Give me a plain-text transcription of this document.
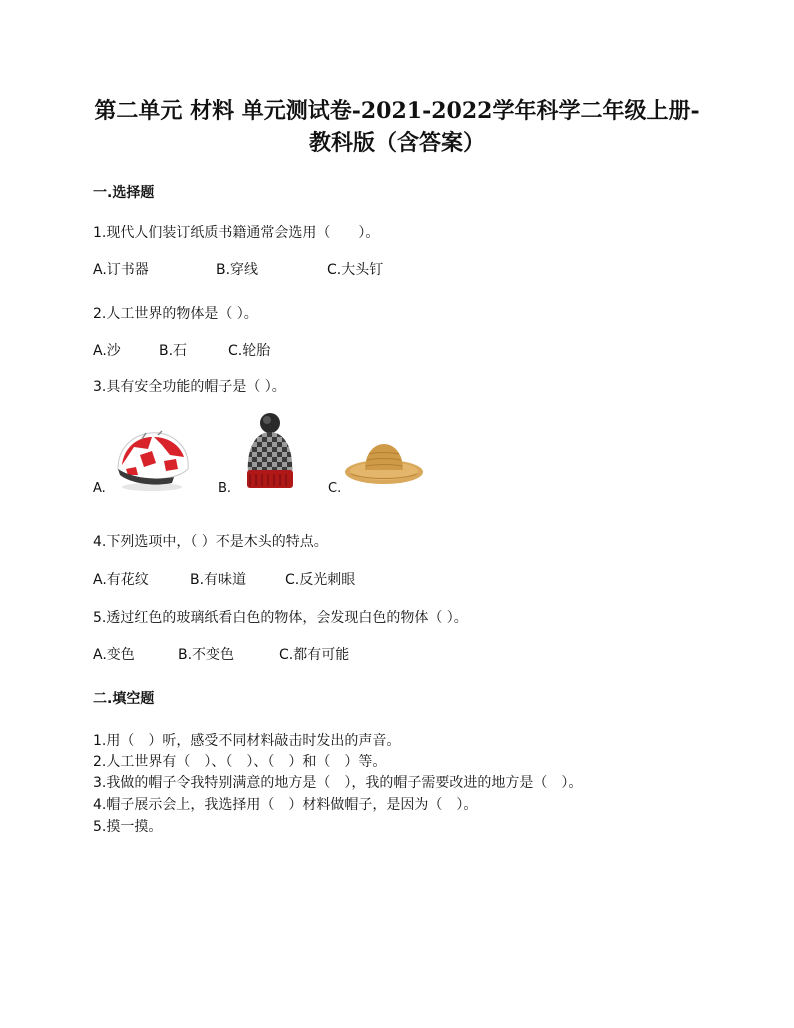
第二单元 材料 单元测试卷-2021-2022学年科学二年级上册-
教科版（含答案）
一.选择题
1.现代人们装订纸质书籍通常会选用（　　）。
A.订书器	B.穿线	C.大头钉
2.人工世界的物体是（ ）。
A.沙	B.石	C.轮胎
3.具有安全功能的帽子是（ ）。
A.	B.	C.
4.下列选项中，（ ）不是木头的特点。
A.有花纹	B.有味道	C.反光刺眼
5.透过红色的玻璃纸看白色的物体，会发现白色的物体（ ）。
A.变色	B.不变色	C.都有可能
二.填空题
1.用（　）听，感受不同材料敲击时发出的声音。
2.人工世界有（　）、（　）、（　）和（　）等。
3.我做的帽子令我特别满意的地方是（　），我的帽子需要改进的地方是（　）。
4.帽子展示会上，我选择用（　）材料做帽子，是因为（　）。
5.摸一摸。
